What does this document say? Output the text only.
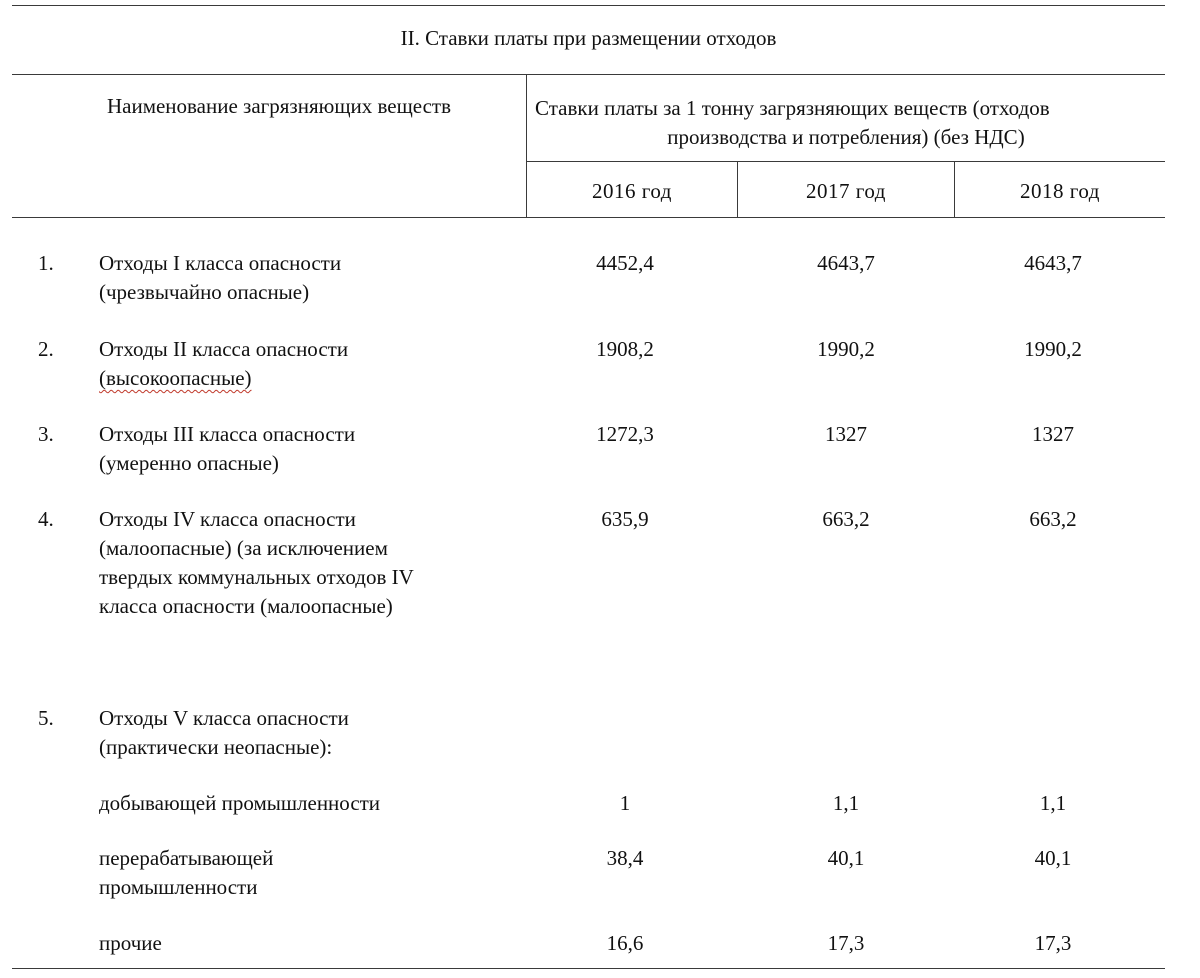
II. Ставки платы при размещении отходов
Наименование загрязняющих веществ	Ставки платы за 1 тонну загрязняющих веществ (отходов
производства и потребления) (без НДС)
2016 год	2017 год	2018 год
1. Отходы I класса опасности
(чрезвычайно опасные)
4452,4	4643,7	4643,7
2. Отходы II класса опасности
(высокоопасные)
1908,2	1990,2	1990,2
3. Отходы III класса опасности
(умеренно опасные)
1272,3	1327	1327
4. Отходы IV класса опасности
(малоопасные) (за исключением
твердых коммунальных отходов IV
класса опасности (малоопасные)
635,9	663,2	663,2
5. Отходы V класса опасности
(практически неопасные):
добывающей промышленности	1	1,1	1,1
перерабатывающей
промышленности
38,4	40,1	40,1
прочие	16,6	17,3	17,3
